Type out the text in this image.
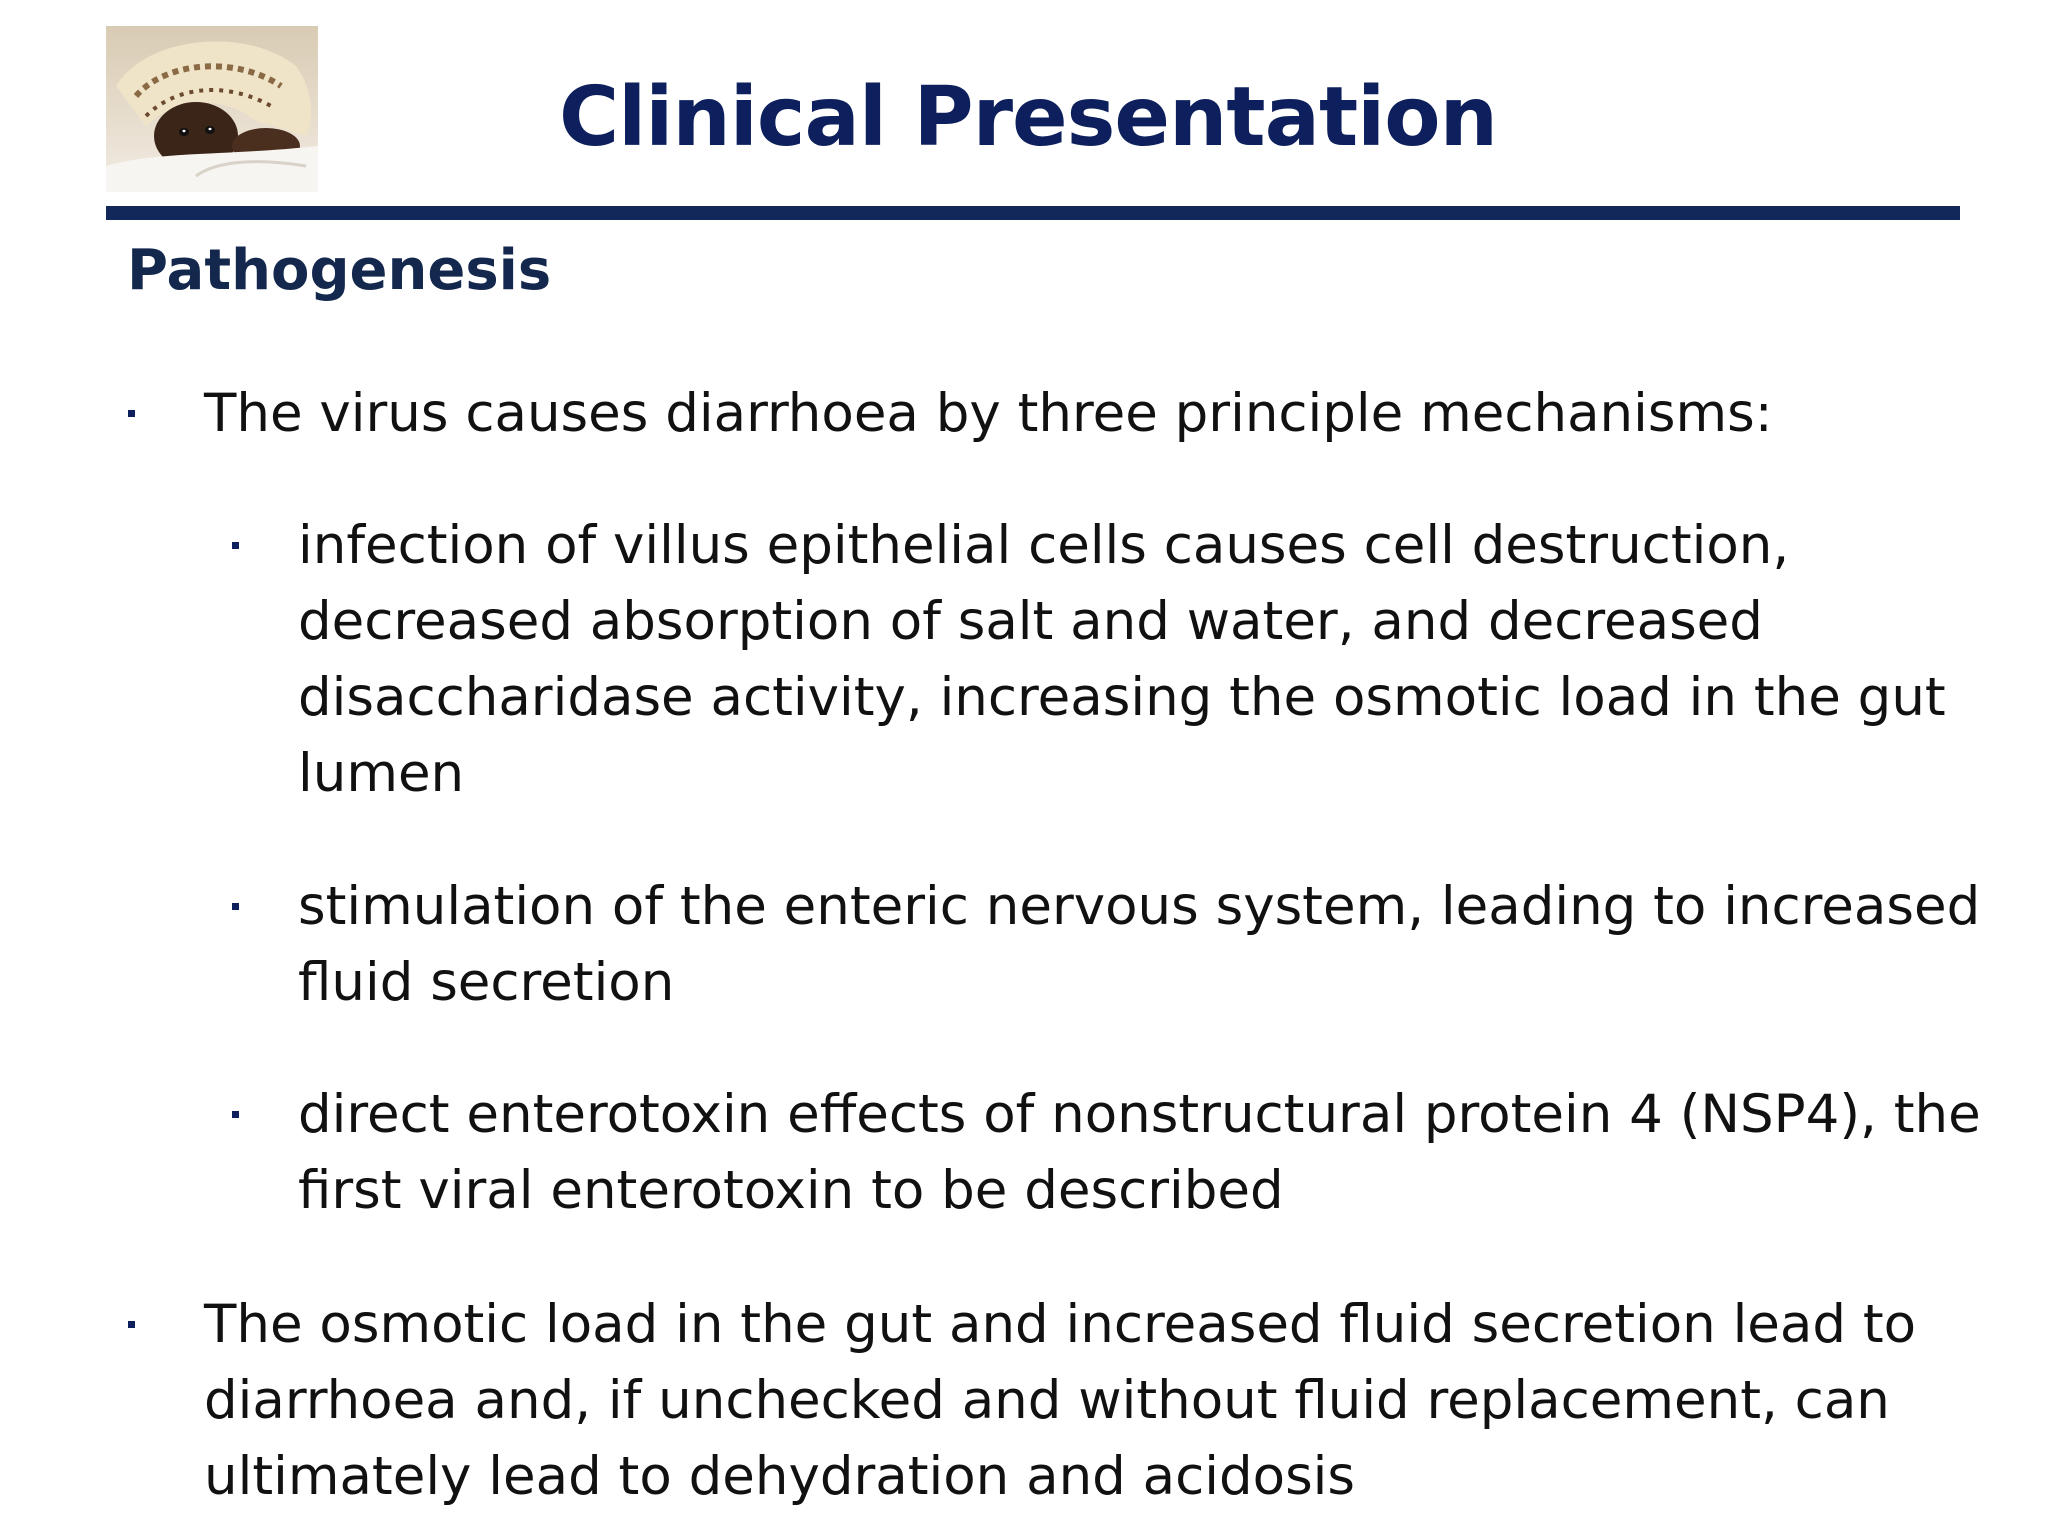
Clinical Presentation
Pathogenesis
The virus causes diarrhoea by three principle mechanisms:
infection of villus epithelial cells causes cell destruction,
decreased absorption of salt and water, and decreased
disaccharidase activity, increasing the osmotic load in the gut
lumen
stimulation of the enteric nervous system, leading to increased
fluid secretion
direct enterotoxin effects of nonstructural protein 4 (NSP4), the
first viral enterotoxin to be described
The osmotic load in the gut and increased fluid secretion lead to
diarrhoea and, if unchecked and without fluid replacement, can
ultimately lead to dehydration and acidosis
